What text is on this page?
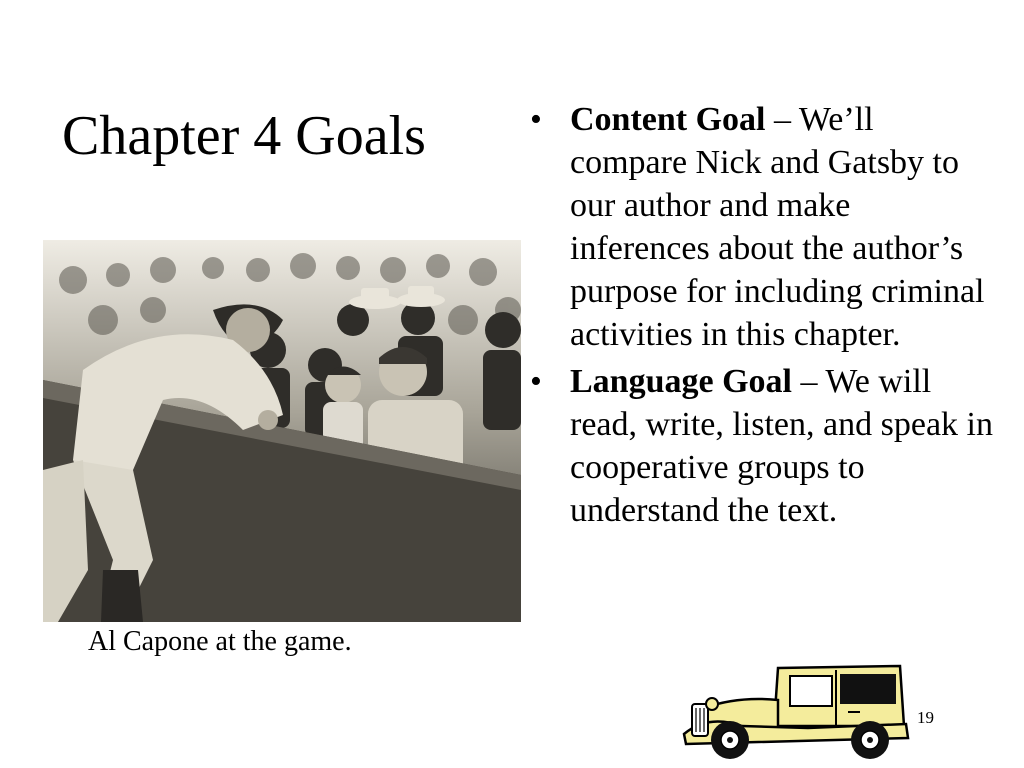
Chapter 4 Goals
Al Capone at the game.
• Content Goal – We’ll compare Nick and Gatsby to our author and make inferences about the author’s purpose for including criminal activities in this chapter.
• Language Goal – We will read, write, listen, and speak in cooperative groups to understand the text.
19
